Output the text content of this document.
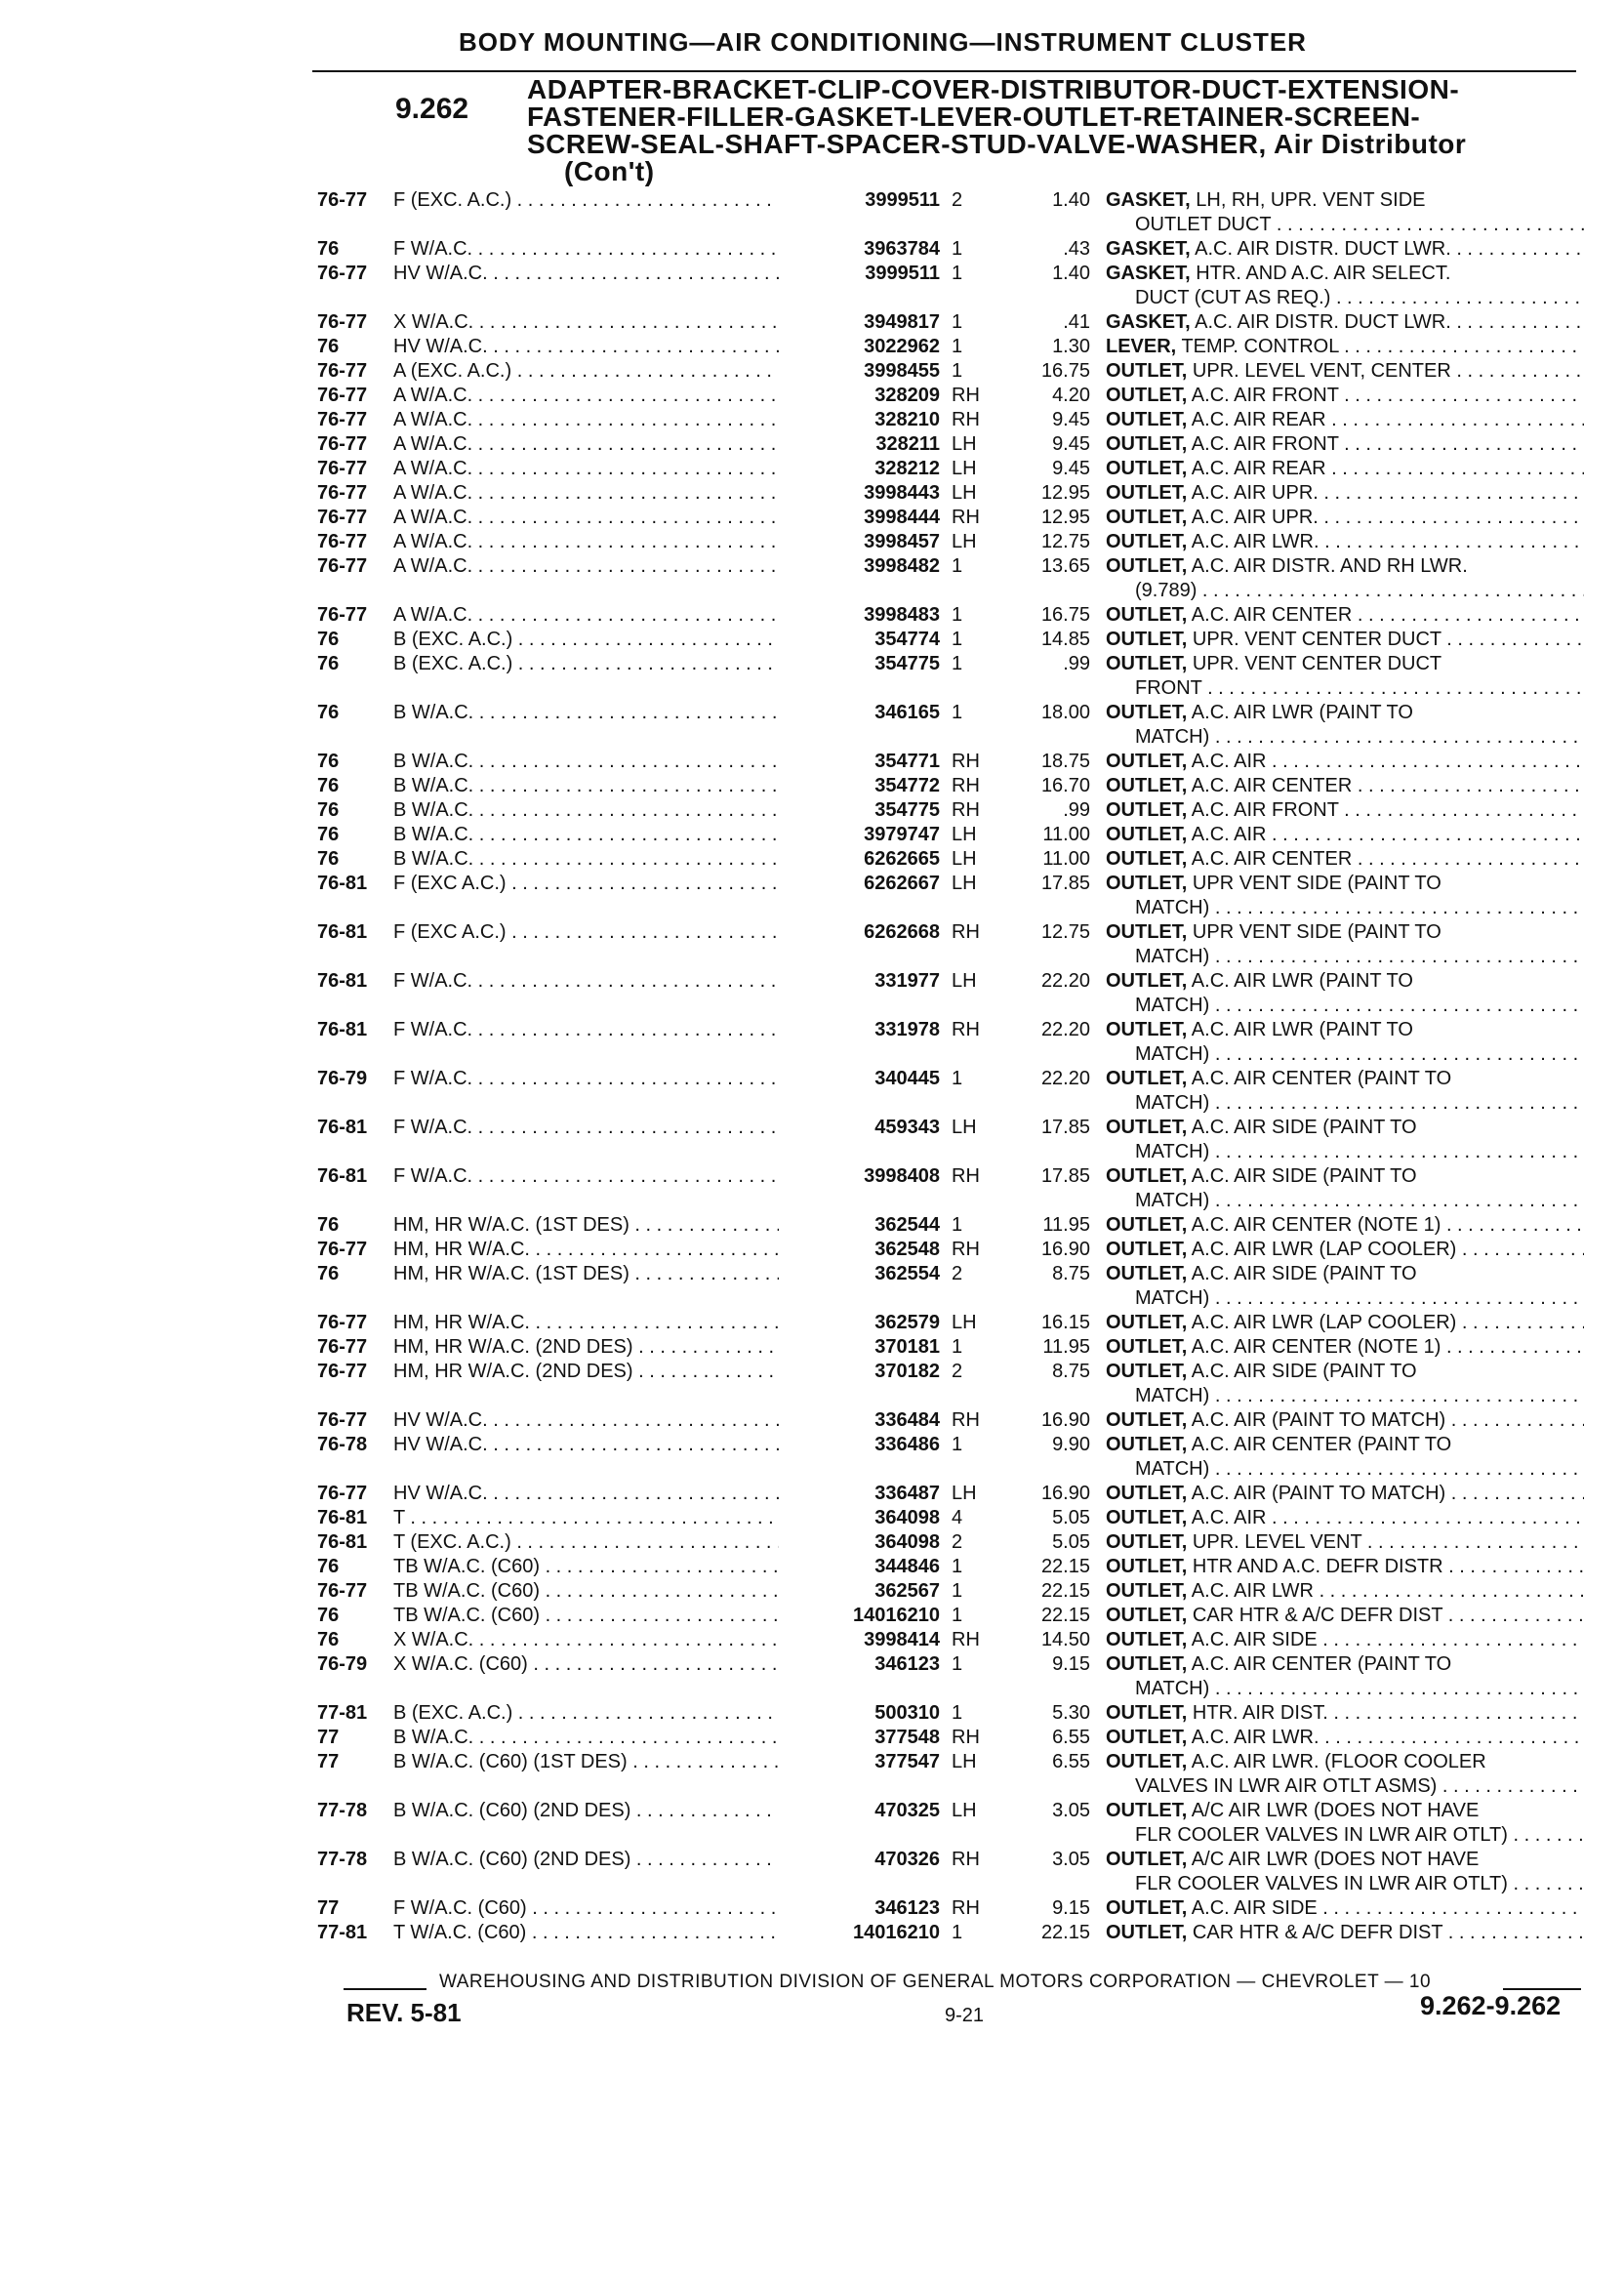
BODY MOUNTING—AIR CONDITIONING—INSTRUMENT CLUSTER
9.262
ADAPTER-BRACKET-CLIP-COVER-DISTRIBUTOR-DUCT-EXTENSION-
FASTENER-FILLER-GASKET-LEVER-OUTLET-RETAINER-SCREEN-
SCREW-SEAL-SHAFT-SPACER-STUD-VALVE-WASHER, Air Distributor
(Con't)
76-77	F (EXC. A.C.) . . .	3999511 2	1.40 GASKET, LH, RH, UPR. VENT SIDE
OUTLET DUCT . . .
76	F W/A.C. . . .	3963784 1	.43 GASKET, A.C. AIR DISTR. DUCT LWR. . . .
76-77	HV W/A.C. . . .	3999511 1	1.40 GASKET, HTR. AND A.C. AIR SELECT.
DUCT (CUT AS REQ.) . . .
76-77	X W/A.C. . . .	3949817 1	.41 GASKET, A.C. AIR DISTR. DUCT LWR. . . .
76	HV W/A.C. . . .	3022962 1	1.30 LEVER, TEMP. CONTROL . . .
76-77	A (EXC. A.C.) . . .	3998455 1	16.75 OUTLET, UPR. LEVEL VENT, CENTER . . .
76-77	A W/A.C. . . .	328209 RH	4.20 OUTLET, A.C. AIR FRONT . . .
76-77	A W/A.C. . . .	328210 RH	9.45 OUTLET, A.C. AIR REAR . . .
76-77	A W/A.C. . . .	328211 LH	9.45 OUTLET, A.C. AIR FRONT . . .
76-77	A W/A.C. . . .	328212 LH	9.45 OUTLET, A.C. AIR REAR . . .
76-77	A W/A.C. . . .	3998443 LH	12.95 OUTLET, A.C. AIR UPR. . . .
76-77	A W/A.C. . . .	3998444 RH	12.95 OUTLET, A.C. AIR UPR. . . .
76-77	A W/A.C. . . .	3998457 LH	12.75 OUTLET, A.C. AIR LWR. . . .
76-77	A W/A.C. . . .	3998482 1	13.65 OUTLET, A.C. AIR DISTR. AND RH LWR.
(9.789) . . .
76-77	A W/A.C. . . .	3998483 1	16.75 OUTLET, A.C. AIR CENTER . . .
76	B (EXC. A.C.) . . .	354774 1	14.85 OUTLET, UPR. VENT CENTER DUCT . . .
76	B (EXC. A.C.) . . .	354775 1	.99 OUTLET, UPR. VENT CENTER DUCT
FRONT . . .
76	B W/A.C. . . .	346165 1	18.00 OUTLET, A.C. AIR LWR (PAINT TO
MATCH) . . .
76	B W/A.C. . . .	354771 RH	18.75 OUTLET, A.C. AIR . . .
76	B W/A.C. . . .	354772 RH	16.70 OUTLET, A.C. AIR CENTER . . .
76	B W/A.C. . . .	354775 RH	.99 OUTLET, A.C. AIR FRONT . . .
76	B W/A.C. . . .	3979747 LH	11.00 OUTLET, A.C. AIR . . .
76	B W/A.C. . . .	6262665 LH	11.00 OUTLET, A.C. AIR CENTER . . .
76-81	F (EXC A.C.) . . .	6262667 LH	17.85 OUTLET, UPR VENT SIDE (PAINT TO
MATCH) . . .
76-81	F (EXC A.C.) . . .	6262668 RH	12.75 OUTLET, UPR VENT SIDE (PAINT TO
MATCH) . . .
76-81	F W/A.C. . . .	331977 LH	22.20 OUTLET, A.C. AIR LWR (PAINT TO
MATCH) . . .
76-81	F W/A.C. . . .	331978 RH	22.20 OUTLET, A.C. AIR LWR (PAINT TO
MATCH) . . .
76-79	F W/A.C. . . .	340445 1	22.20 OUTLET, A.C. AIR CENTER (PAINT TO
MATCH) . . .
76-81	F W/A.C. . . .	459343 LH	17.85 OUTLET, A.C. AIR SIDE (PAINT TO
MATCH) . . .
76-81	F W/A.C. . . .	3998408 RH	17.85 OUTLET, A.C. AIR SIDE (PAINT TO
MATCH) . . .
76	HM, HR W/A.C. (1ST DES) . . .	362544 1	11.95 OUTLET, A.C. AIR CENTER (NOTE 1) . . .
76-77	HM, HR W/A.C. . . .	362548 RH	16.90 OUTLET, A.C. AIR LWR (LAP COOLER) . . .
76	HM, HR W/A.C. (1ST DES) . . .	362554 2	8.75 OUTLET, A.C. AIR SIDE (PAINT TO
MATCH) . . .
76-77	HM, HR W/A.C. . . .	362579 LH	16.15 OUTLET, A.C. AIR LWR (LAP COOLER) . . .
76-77	HM, HR W/A.C. (2ND DES) . . .	370181 1	11.95 OUTLET, A.C. AIR CENTER (NOTE 1) . . .
76-77	HM, HR W/A.C. (2ND DES) . . .	370182 2	8.75 OUTLET, A.C. AIR SIDE (PAINT TO
MATCH) . . .
76-77	HV W/A.C. . . .	336484 RH	16.90 OUTLET, A.C. AIR (PAINT TO MATCH) . . .
76-78	HV W/A.C. . . .	336486 1	9.90 OUTLET, A.C. AIR CENTER (PAINT TO
MATCH) . . .
76-77	HV W/A.C. . . .	336487 LH	16.90 OUTLET, A.C. AIR (PAINT TO MATCH) . . .
76-81	T . . .	364098 4	5.05 OUTLET, A.C. AIR . . .
76-81	T (EXC. A.C.) . . .	364098 2	5.05 OUTLET, UPR. LEVEL VENT . . .
76	TB W/A.C. (C60) . . .	344846 1	22.15 OUTLET, HTR AND A.C. DEFR DISTR . . .
76-77	TB W/A.C. (C60) . . .	362567 1	22.15 OUTLET, A.C. AIR LWR . . .
76	TB W/A.C. (C60) . . .	14016210 1	22.15 OUTLET, CAR HTR & A/C DEFR DIST . . .
76	X W/A.C. . . .	3998414 RH	14.50 OUTLET, A.C. AIR SIDE . . .
76-79	X W/A.C. (C60) . . .	346123 1	9.15 OUTLET, A.C. AIR CENTER (PAINT TO
MATCH) . . .
77-81	B (EXC. A.C.) . . .	500310 1	5.30 OUTLET, HTR. AIR DIST. . . .
77	B W/A.C. . . .	377548 RH	6.55 OUTLET, A.C. AIR LWR. . . .
77	B W/A.C. (C60) (1ST DES) . . .	377547 LH	6.55 OUTLET, A.C. AIR LWR. (FLOOR COOLER
VALVES IN LWR AIR OTLT ASMS) . . .
77-78	B W/A.C. (C60) (2ND DES) . . .	470325 LH	3.05 OUTLET, A/C AIR LWR (DOES NOT HAVE
FLR COOLER VALVES IN LWR AIR OTLT) . . .
77-78	B W/A.C. (C60) (2ND DES) . . .	470326 RH	3.05 OUTLET, A/C AIR LWR (DOES NOT HAVE
FLR COOLER VALVES IN LWR AIR OTLT) . . .
77	F W/A.C. (C60) . . .	346123 RH	9.15 OUTLET, A.C. AIR SIDE . . .
77-81	T W/A.C. (C60) . . .	14016210 1	22.15 OUTLET, CAR HTR & A/C DEFR DIST . . .
WAREHOUSING AND DISTRIBUTION DIVISION OF GENERAL MOTORS CORPORATION — CHEVROLET — 10
REV. 5-81	9-21	9.262-9.262
